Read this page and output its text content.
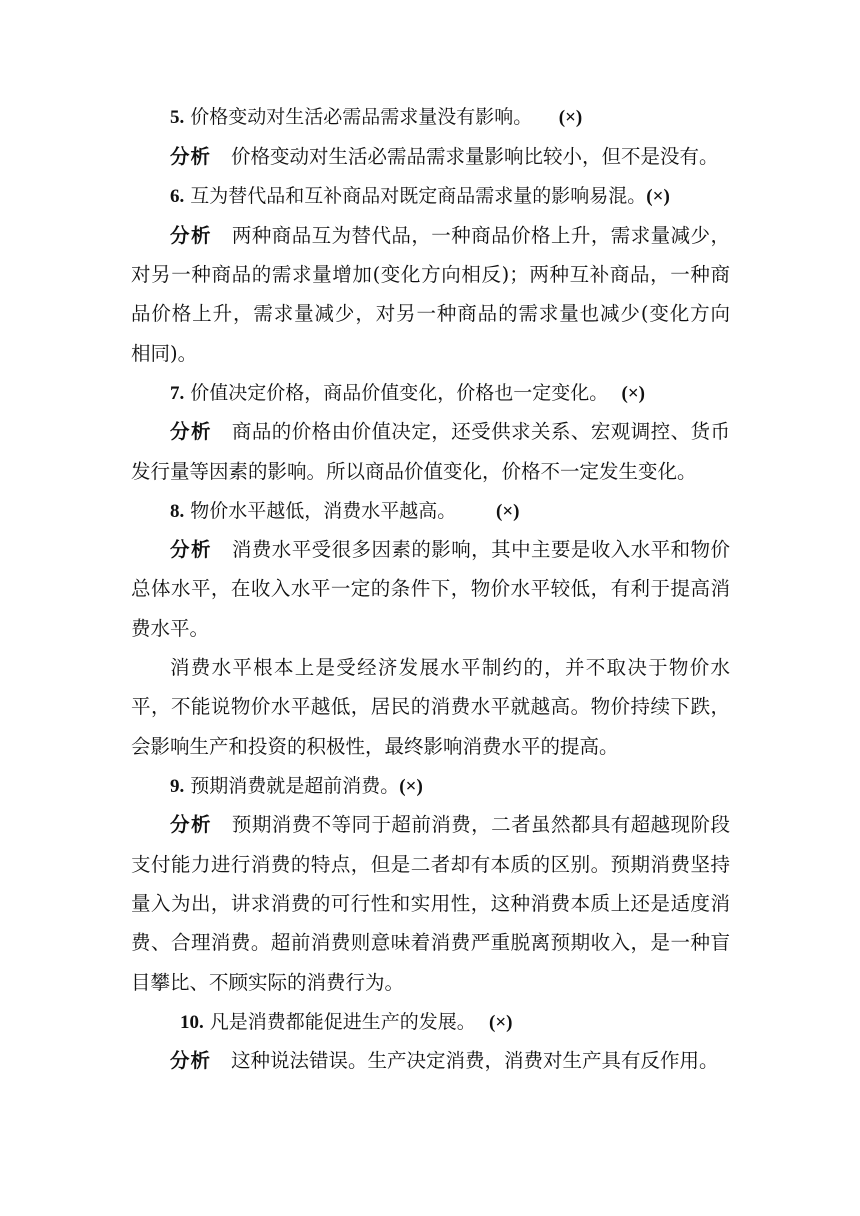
5. 价格变动对生活必需品需求量没有影响。 (×)
分析 价格变动对生活必需品需求量影响比较小，但不是没有。
6. 互为替代品和互补商品对既定商品需求量的影响易混。(×)
分析 两种商品互为替代品，一种商品价格上升，需求量减少，
对另一种商品的需求量增加(变化方向相反)；两种互补商品，一种商
品价格上升，需求量减少，对另一种商品的需求量也减少(变化方向
相同)。
7. 价值决定价格，商品价值变化，价格也一定变化。 (×)
分析 商品的价格由价值决定，还受供求关系、宏观调控、货币
发行量等因素的影响。所以商品价值变化，价格不一定发生变化。
8. 物价水平越低，消费水平越高。 (×)
分析 消费水平受很多因素的影响，其中主要是收入水平和物价
总体水平，在收入水平一定的条件下，物价水平较低，有利于提高消
费水平。
消费水平根本上是受经济发展水平制约的，并不取决于物价水
平，不能说物价水平越低，居民的消费水平就越高。物价持续下跌，
会影响生产和投资的积极性，最终影响消费水平的提高。
9. 预期消费就是超前消费。(×)
分析 预期消费不等同于超前消费，二者虽然都具有超越现阶段
支付能力进行消费的特点，但是二者却有本质的区别。预期消费坚持
量入为出，讲求消费的可行性和实用性，这种消费本质上还是适度消
费、合理消费。超前消费则意味着消费严重脱离预期收入，是一种盲
目攀比、不顾实际的消费行为。
10. 凡是消费都能促进生产的发展。 (×)
分析 这种说法错误。生产决定消费，消费对生产具有反作用。
